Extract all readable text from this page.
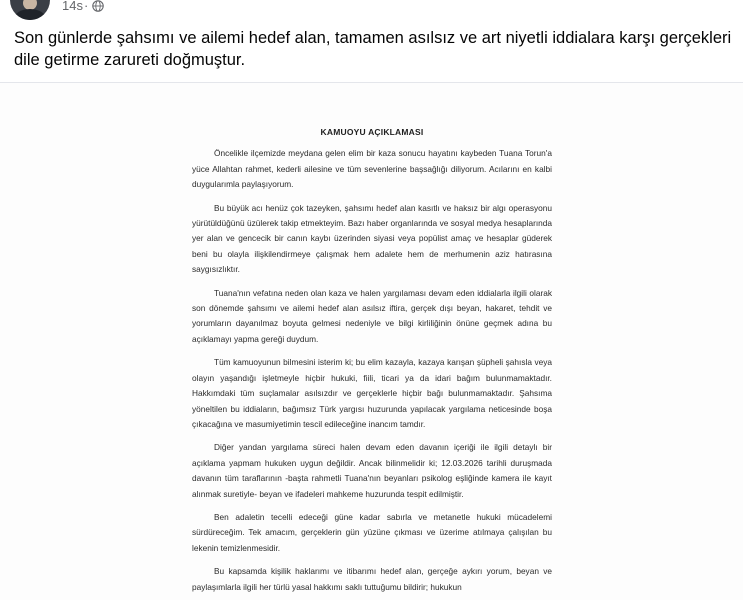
14s ·
Son günlerde şahsımı ve ailemi hedef alan, tamamen asılsız ve art niyetli iddialara karşı gerçekleri dile getirme zarureti doğmuştur.
KAMUOYU AÇIKLAMASI

Öncelikle ilçemizde meydana gelen elim bir kaza sonucu hayatını kaybeden Tuana Torun'a yüce Allahtan rahmet, kederli ailesine ve tüm sevenlerine başsağlığı diliyorum. Acılarını en kalbi duygularımla paylaşıyorum.

Bu büyük acı henüz çok tazeyken, şahsımı hedef alan kasıtlı ve haksız bir algı operasyonu yürütüldüğünü üzülerek takip etmekteyim. Bazı haber organlarında ve sosyal medya hesaplarında yer alan ve gencecik bir canın kaybı üzerinden siyasi veya popülist amaç ve hesaplar güderek beni bu olayla ilişkilendirmeye çalışmak hem adalete hem de merhumenin aziz hatırasına saygısızlıktır.

Tuana'nın vefatına neden olan kaza ve halen yargılaması devam eden iddialarla ilgili olarak son dönemde şahsımı ve ailemi hedef alan asılsız iftira, gerçek dışı beyan, hakaret, tehdit ve yorumların dayanılmaz boyuta gelmesi nedeniyle ve bilgi kirliliğinin önüne geçmek adına bu açıklamayı yapma gereği duydum.

Tüm kamuoyunun bilmesini isterim ki; bu elim kazayla, kazaya karışan şüpheli şahısla veya olayın yaşandığı işletmeyle hiçbir hukuki, fiili, ticari ya da idari bağım bulunmamaktadır. Hakkımdaki tüm suçlamalar asılsızdır ve gerçeklerle hiçbir bağı bulunmamaktadır. Şahsıma yöneltilen bu iddiaların, bağımsız Türk yargısı huzurunda yapılacak yargılama neticesinde boşa çıkacağına ve masumiyetimin tescil edileceğine inancım tamdır.

Diğer yandan yargılama süreci halen devam eden davanın içeriği ile ilgili detaylı bir açıklama yapmam hukuken uygun değildir. Ancak bilinmelidir ki; 12.03.2026 tarihli duruşmada davanın tüm taraflarının -başta rahmetli Tuana'nın beyanları psikolog eşliğinde kamera ile kayıt alınmak suretiyle- beyan ve ifadeleri mahkeme huzurunda tespit edilmiştir.

Ben adaletin tecelli edeceği güne kadar sabırla ve metanetle hukuki mücadelemi sürdüreceğim. Tek amacım, gerçeklerin gün yüzüne çıkması ve üzerime atılmaya çalışılan bu lekenin temizlenmesidir.

Bu kapsamda kişilik haklarımı ve itibarımı hedef alan, gerçeğe aykırı yorum, beyan ve paylaşımlarla ilgili her türlü yasal hakkımı saklı tuttuğumu bildirir; hukukun
